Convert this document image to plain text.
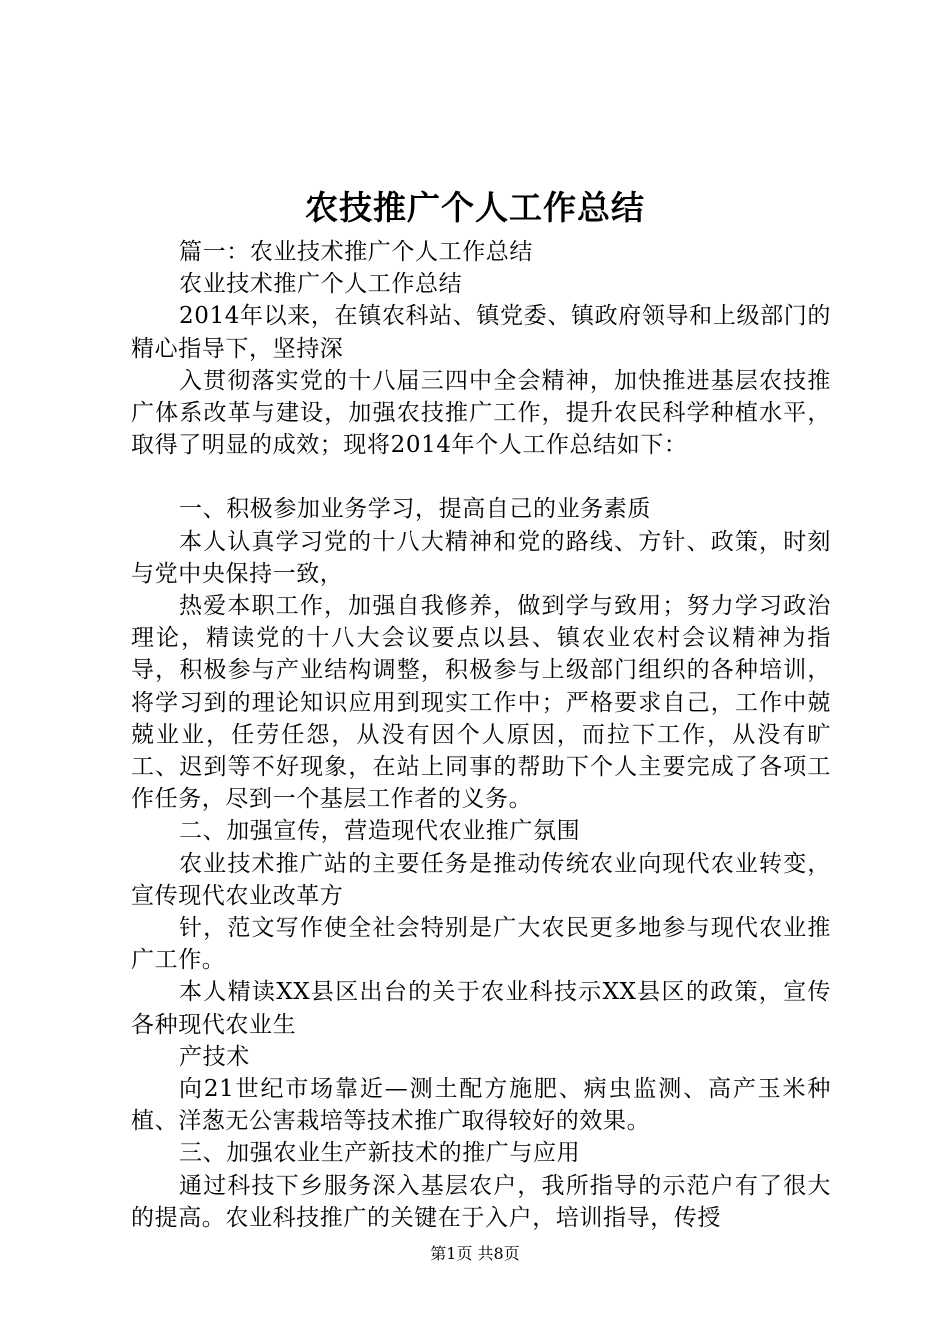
农技推广个人工作总结

篇一：农业技术推广个人工作总结

农业技术推广个人工作总结

2014年以来，在镇农科站、镇党委、镇政府领导和上级部门的精心指导下，坚持深

入贯彻落实党的十八届三四中全会精神，加快推进基层农技推广体系改革与建设，加强农技推广工作，提升农民科学种植水平，取得了明显的成效；现将2014年个人工作总结如下：

一、积极参加业务学习，提高自己的业务素质

本人认真学习党的十八大精神和党的路线、方针、政策，时刻与党中央保持一致，

热爱本职工作，加强自我修养，做到学与致用；努力学习政治理论，精读党的十八大会议要点以县、镇农业农村会议精神为指导，积极参与产业结构调整，积极参与上级部门组织的各种培训，将学习到的理论知识应用到现实工作中；严格要求自己，工作中兢兢业业，任劳任怨，从没有因个人原因，而拉下工作，从没有旷工、迟到等不好现象，在站上同事的帮助下个人主要完成了各项工作任务，尽到一个基层工作者的义务。

二、加强宣传，营造现代农业推广氛围

农业技术推广站的主要任务是推动传统农业向现代农业转变，宣传现代农业改革方

针，范文写作使全社会特别是广大农民更多地参与现代农业推广工作。

本人精读XX县区出台的关于农业科技示XX县区的政策，宣传各种现代农业生

产技术

向21世纪市场靠近—测土配方施肥、病虫监测、高产玉米种植、洋葱无公害栽培等技术推广取得较好的效果。

三、加强农业生产新技术的推广与应用

通过科技下乡服务深入基层农户，我所指导的示范户有了很大的提高。农业科技推广的关键在于入户，培训指导，传授

第1页 共8页
